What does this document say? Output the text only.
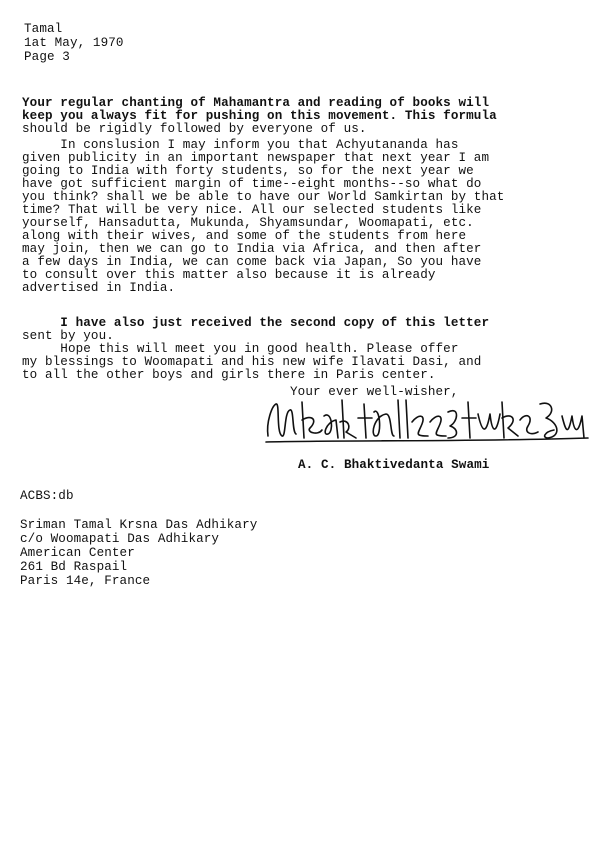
Tamal
1at May, 1970
Page 3
Your regular chanting of Mahamantra and reading of books will
keep you always fit for pushing on this movement. This formula
should be rigidly followed by everyone of us.
In conslusion I may inform you that Achyutananda has
given publicity in an important newspaper that next year I am
going to India with forty students, so for the next year we
have got sufficient margin of time--eight months--so what do
you think? shall we be able to have our World Samkirtan by that
time? That will be very nice. All our selected students like
yourself, Hansadutta, Mukunda, Shyamsundar, Woomapati, etc.
along with their wives, and some of the students from here
may join, then we can go to India via Africa, and then after
a few days in India, we can come back via Japan, So you have
to consult over this matter also because it is already
advertised in India.
I have also just received the second copy of this letter
sent by you.
Hope this will meet you in good health. Please offer
my blessings to Woomapati and his new wife Ilavati Dasi, and
to all the other boys and girls there in Paris center.
Your ever well-wisher,
A. C. Bhaktivedanta Swami
ACBS:db
Sriman Tamal Krsna Das Adhikary
c/o Woomapati Das Adhikary
American Center
261 Bd Raspail
Paris 14e, France
